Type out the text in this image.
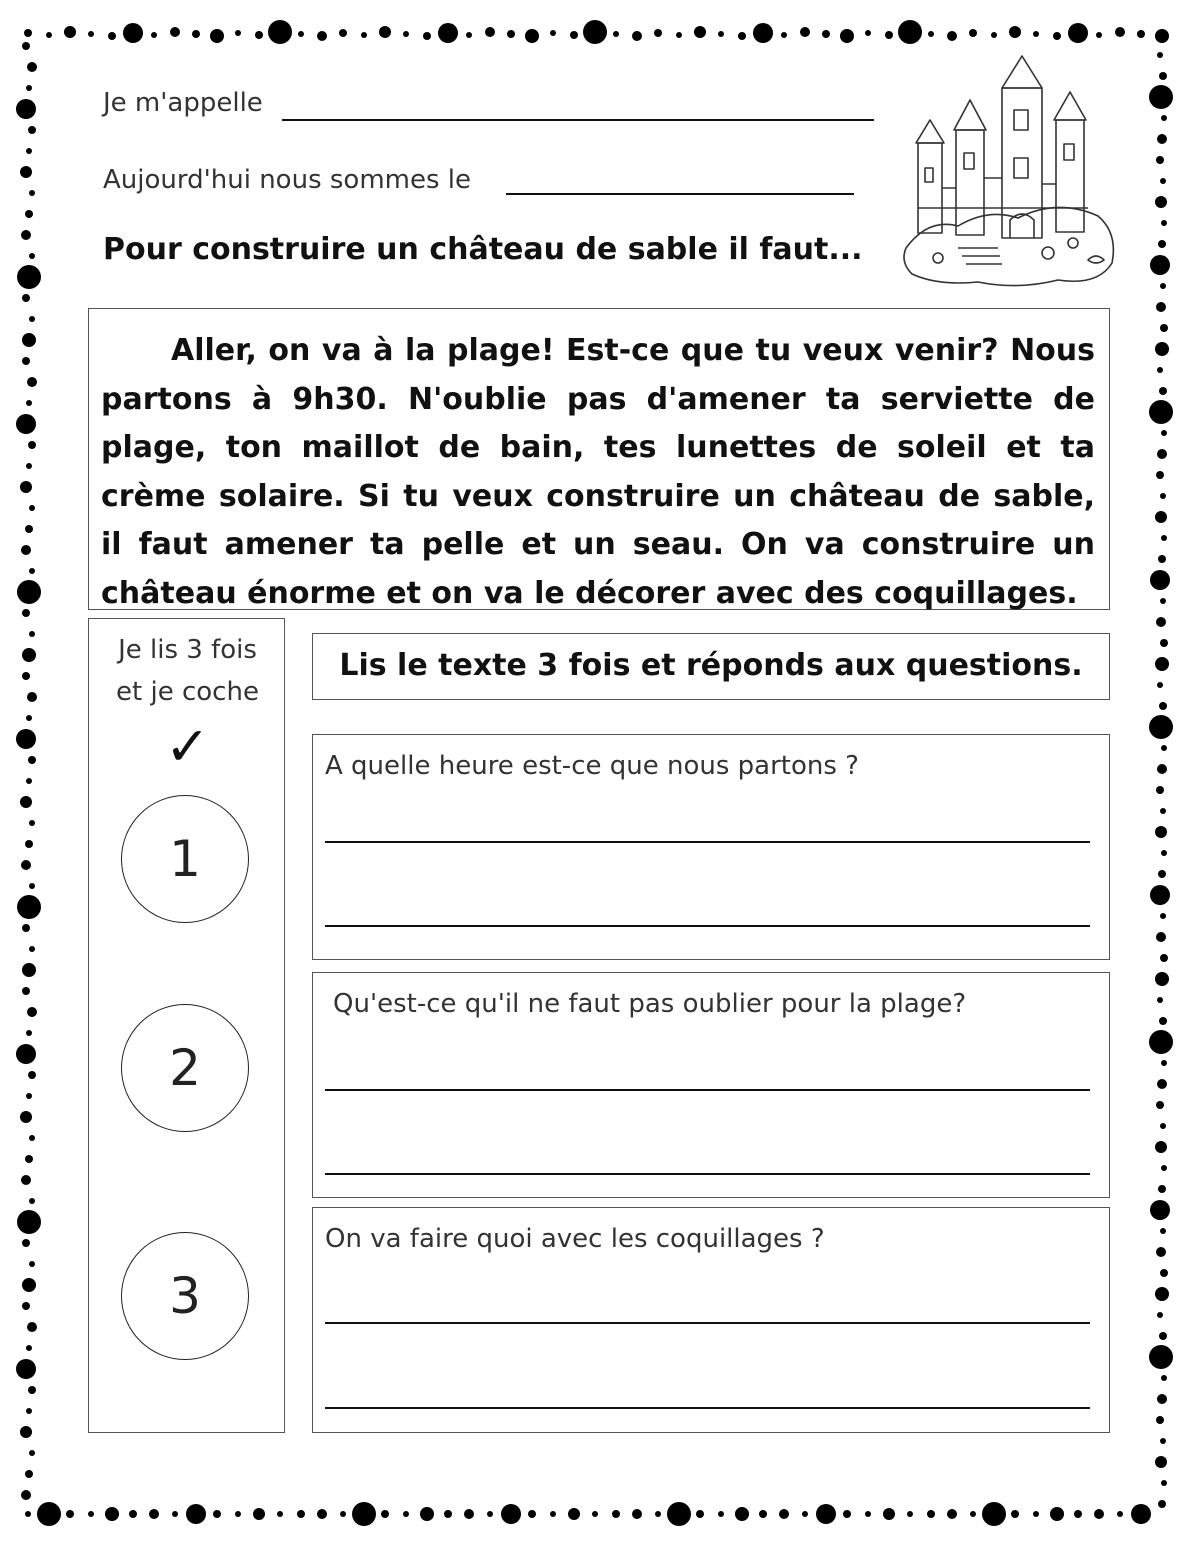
Je m'appelle
Aujourd'hui nous sommes le
Pour construire un château de sable il faut...

Aller, on va à la plage! Est-ce que tu veux venir? Nous partons à 9h30. N'oublie pas d'amener ta serviette de plage, ton maillot de bain, tes lunettes de soleil et ta crème solaire. Si tu veux construire un château de sable, il faut amener ta pelle et un seau. On va construire un château énorme et on va le décorer avec des coquillages.

Je lis 3 fois
et je coche
✓
1
2
3
Lis le texte 3 fois et réponds aux questions.
A quelle heure est-ce que nous partons ?
Qu'est-ce qu'il ne faut pas oublier pour la plage?
On va faire quoi avec les coquillages ?
